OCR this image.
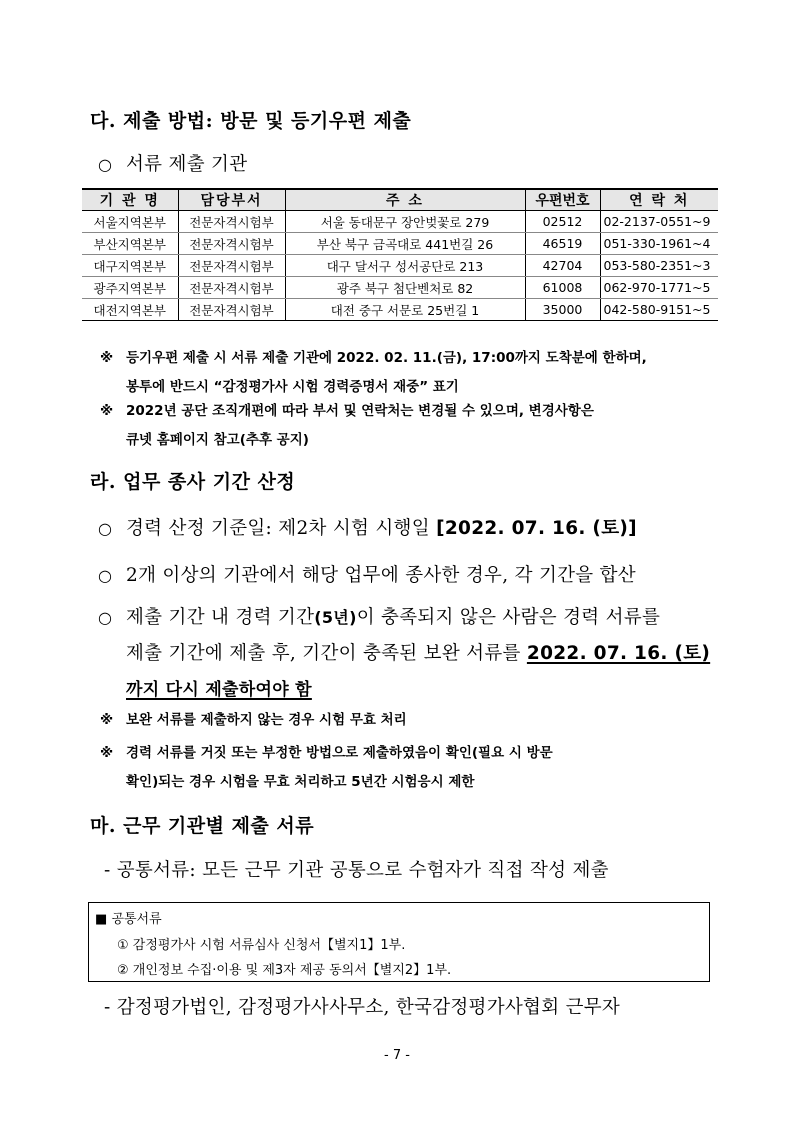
다. 제출 방법: 방문 및 등기우편 제출
○ 서류 제출 기관
기 관 명	담당부서	주 소	우편번호	연 락 처
서울지역본부	전문자격시험부	서울 동대문구 장안벚꽃로 279	02512	02-2137-0551~9
부산지역본부	전문자격시험부	부산 북구 금곡대로 441번길 26	46519	051-330-1961~4
대구지역본부	전문자격시험부	대구 달서구 성서공단로 213	42704	053-580-2351~3
광주지역본부	전문자격시험부	광주 북구 첨단벤처로 82	61008	062-970-1771~5
대전지역본부	전문자격시험부	대전 중구 서문로 25번길 1	35000	042-580-9151~5
※ 등기우편 제출 시 서류 제출 기관에 2022. 02. 11.(금), 17:00까지 도착분에 한하며,
봉투에 반드시 “감정평가사 시험 경력증명서 재중” 표기
※ 2022년 공단 조직개편에 따라 부서 및 연락처는 변경될 수 있으며, 변경사항은
큐넷 홈페이지 참고(추후 공지)
라. 업무 종사 기간 산정
○ 경력 산정 기준일: 제2차 시험 시행일 [2022. 07. 16. (토)]
○ 2개 이상의 기관에서 해당 업무에 종사한 경우, 각 기간을 합산
○ 제출 기간 내 경력 기간(5년)이 충족되지 않은 사람은 경력 서류를
제출 기간에 제출 후, 기간이 충족된 보완 서류를 2022. 07. 16. (토)
까지 다시 제출하여야 함
※ 보완 서류를 제출하지 않는 경우 시험 무효 처리
※ 경력 서류를 거짓 또는 부정한 방법으로 제출하였음이 확인(필요 시 방문
확인)되는 경우 시험을 무효 처리하고 5년간 시험응시 제한
마. 근무 기관별 제출 서류
- 공통서류: 모든 근무 기관 공통으로 수험자가 직접 작성 제출
■ 공통서류
① 감정평가사 시험 서류심사 신청서【별지1】1부.
② 개인정보 수집·이용 및 제3자 제공 동의서【별지2】1부.
- 감정평가법인, 감정평가사사무소, 한국감정평가사협회 근무자
- 7 -
